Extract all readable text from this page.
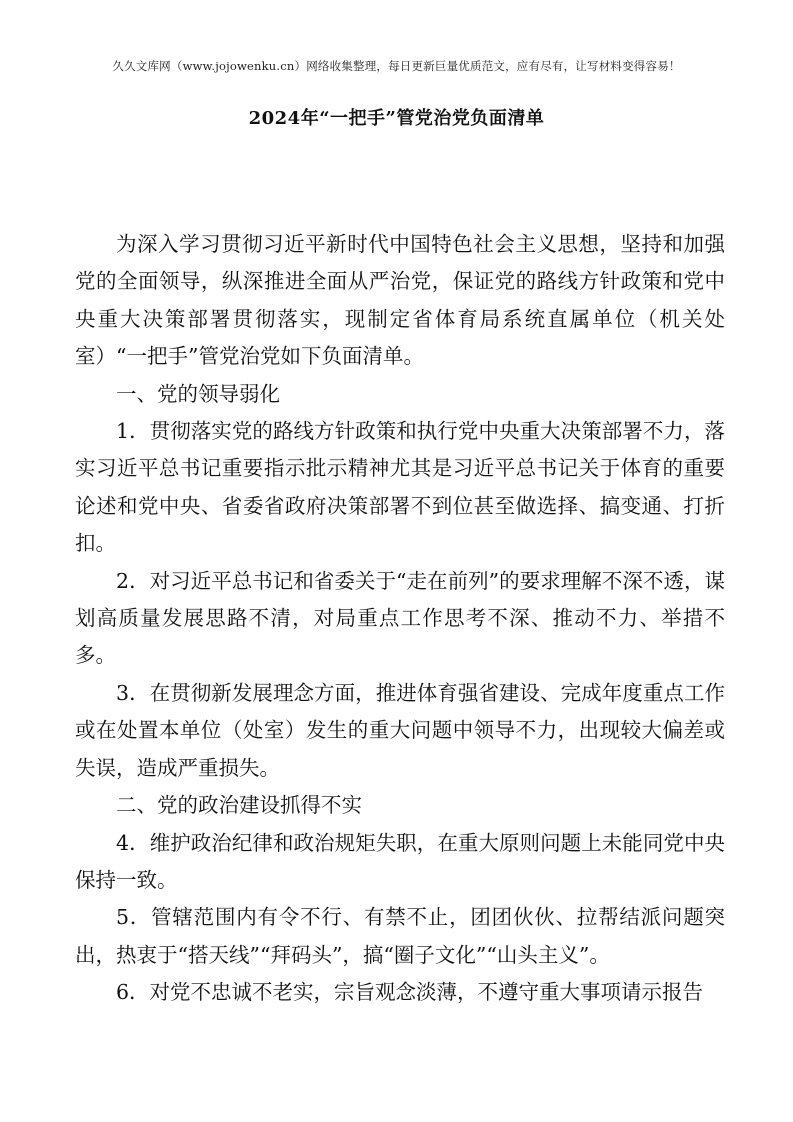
久久文库网（www.jojowenku.cn）网络收集整理，每日更新巨量优质范文，应有尽有，让写材料变得容易！
2024年“一把手”管党治党负面清单

为深入学习贯彻习近平新时代中国特色社会主义思想，坚持和加强党的全面领导，纵深推进全面从严治党，保证党的路线方针政策和党中央重大决策部署贯彻落实，现制定省体育局系统直属单位（机关处室）“一把手”管党治党如下负面清单。

一、党的领导弱化

1．贯彻落实党的路线方针政策和执行党中央重大决策部署不力，落实习近平总书记重要指示批示精神尤其是习近平总书记关于体育的重要论述和党中央、省委省政府决策部署不到位甚至做选择、搞变通、打折扣。

2．对习近平总书记和省委关于“走在前列”的要求理解不深不透，谋划高质量发展思路不清，对局重点工作思考不深、推动不力、举措不多。

3．在贯彻新发展理念方面，推进体育强省建设、完成年度重点工作或在处置本单位（处室）发生的重大问题中领导不力，出现较大偏差或失误，造成严重损失。

二、党的政治建设抓得不实

4．维护政治纪律和政治规矩失职，在重大原则问题上未能同党中央保持一致。

5．管辖范围内有令不行、有禁不止，团团伙伙、拉帮结派问题突出，热衷于“搭天线”“拜码头”，搞“圈子文化”“山头主义”。

6．对党不忠诚不老实，宗旨观念淡薄，不遵守重大事项请示报告
